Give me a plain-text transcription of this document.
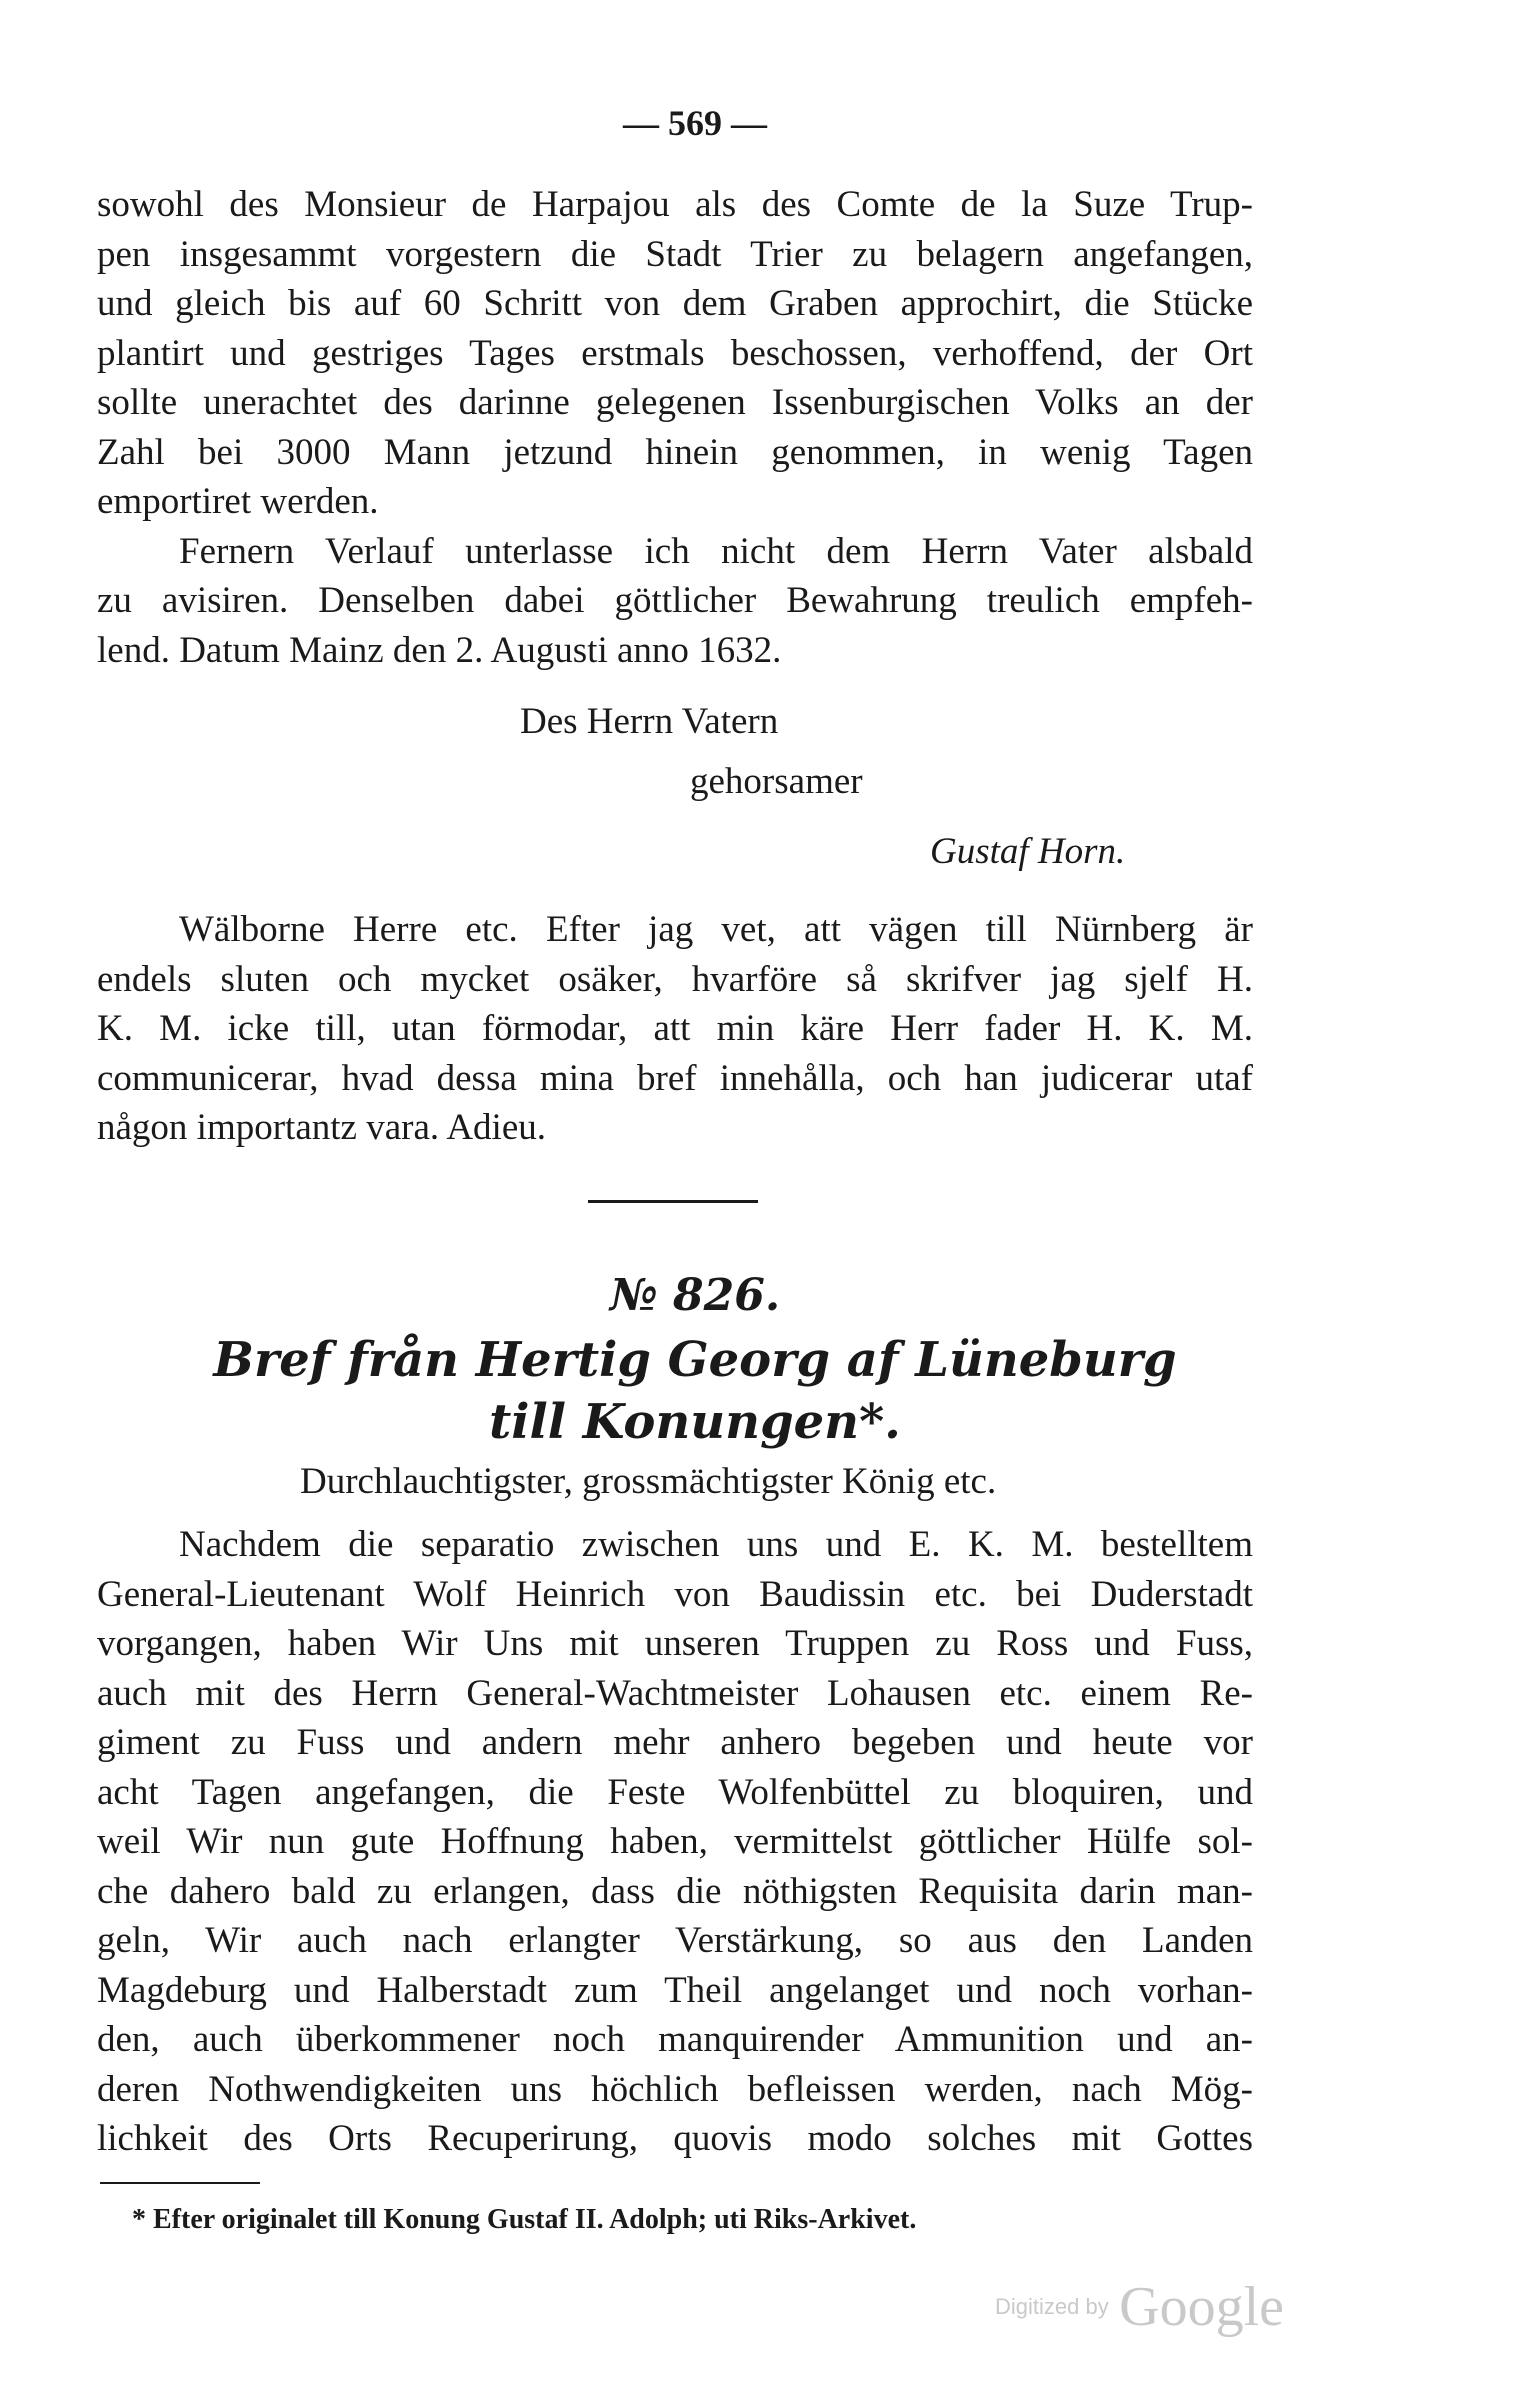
— 569 —
sowohl des Monsieur de Harpajou als des Comte de la Suze Trup-
pen insgesammt vorgestern die Stadt Trier zu belagern angefangen,
und gleich bis auf 60 Schritt von dem Graben approchirt, die Stücke
plantirt und gestriges Tages erstmals beschossen, verhoffend, der Ort
sollte unerachtet des darinne gelegenen Issenburgischen Volks an der
Zahl bei 3000 Mann jetzund hinein genommen, in wenig Tagen
emportiret werden.
Fernern Verlauf unterlasse ich nicht dem Herrn Vater alsbald
zu avisiren. Denselben dabei göttlicher Bewahrung treulich empfeh-
lend. Datum Mainz den 2. Augusti anno 1632.
Des Herrn Vatern
gehorsamer
Gustaf Horn.
Wälborne Herre etc. Efter jag vet, att vägen till Nürnberg är
endels sluten och mycket osäker, hvarföre så skrifver jag sjelf H.
K. M. icke till, utan förmodar, att min käre Herr fader H. K. M.
communicerar, hvad dessa mina bref innehålla, och han judicerar utaf
någon importantz vara. Adieu.
№ 826.
Bref från Hertig Georg af Lüneburg
till Konungen*.
Durchlauchtigster, grossmächtigster König etc.
Nachdem die separatio zwischen uns und E. K. M. bestelltem
General-Lieutenant Wolf Heinrich von Baudissin etc. bei Duderstadt
vorgangen, haben Wir Uns mit unseren Truppen zu Ross und Fuss,
auch mit des Herrn General-Wachtmeister Lohausen etc. einem Re-
giment zu Fuss und andern mehr anhero begeben und heute vor
acht Tagen angefangen, die Feste Wolfenbüttel zu bloquiren, und
weil Wir nun gute Hoffnung haben, vermittelst göttlicher Hülfe sol-
che dahero bald zu erlangen, dass die nöthigsten Requisita darin man-
geln, Wir auch nach erlangter Verstärkung, so aus den Landen
Magdeburg und Halberstadt zum Theil angelanget und noch vorhan-
den, auch überkommener noch manquirender Ammunition und an-
deren Nothwendigkeiten uns höchlich befleissen werden, nach Mög-
lichkeit des Orts Recuperirung, quovis modo solches mit Gottes
* Efter originalet till Konung Gustaf II. Adolph; uti Riks-Arkivet.
Digitized by Google
